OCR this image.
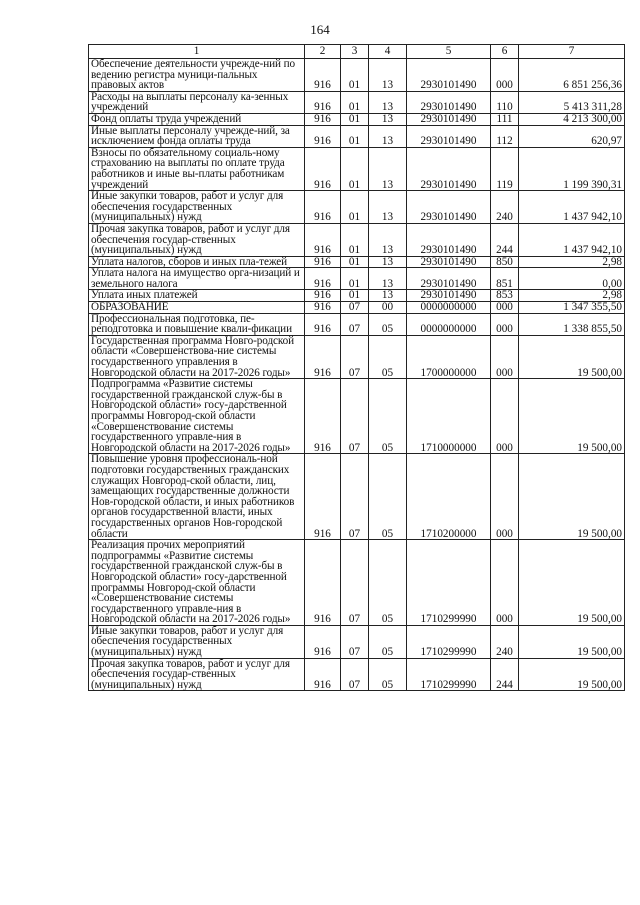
164
1	2	3	4	5	6	7
Обеспечение деятельности учрежде-ний по ведению регистра муници-пальных правовых актов	916	01	13	2930101490	000	6 851 256,36
Расходы на выплаты персоналу ка-зенных учреждений	916	01	13	2930101490	110	5 413 311,28
Фонд оплаты труда учреждений	916	01	13	2930101490	111	4 213 300,00
Иные выплаты персоналу учрежде-ний, за исключением фонда оплаты труда	916	01	13	2930101490	112	620,97
Взносы по обязательному социаль-ному страхованию на выплаты по оплате труда работников и иные вы-платы работникам учреждений	916	01	13	2930101490	119	1 199 390,31
Иные закупки товаров, работ и услуг для обеспечения государственных (муниципальных) нужд	916	01	13	2930101490	240	1 437 942,10
Прочая закупка товаров, работ и услуг для обеспечения государ-ственных (муниципальных) нужд	916	01	13	2930101490	244	1 437 942,10
Уплата налогов, сборов и иных пла-тежей	916	01	13	2930101490	850	2,98
Уплата налога на имущество орга-низаций и земельного налога	916	01	13	2930101490	851	0,00
Уплата иных платежей	916	01	13	2930101490	853	2,98
ОБРАЗОВАНИЕ	916	07	00	0000000000	000	1 347 355,50
Профессиональная подготовка, пе-реподготовка и повышение квали-фикации	916	07	05	0000000000	000	1 338 855,50
Государственная программа Новго-родской области «Совершенствова-ние системы государственного управления в Новгородской области на 2017-2026 годы»	916	07	05	1700000000	000	19 500,00
Подпрограмма «Развитие системы государственной гражданской служ-бы в Новгородской области» госу-дарственной программы Новгород-ской области «Совершенствование системы государственного управле-ния в Новгородской области на 2017-2026 годы»	916	07	05	1710000000	000	19 500,00
Повышение уровня профессиональ-ной подготовки государственных гражданских служащих Новгород-ской области, лиц, замещающих государственные должности Нов-городской области, и иных работников органов государственной власти, иных государственных органов Нов-городской области	916	07	05	1710200000	000	19 500,00
Реализация прочих мероприятий подпрограммы «Развитие системы государственной гражданской служ-бы в Новгородской области» госу-дарственной программы Новгород-ской области «Совершенствование системы государственного управле-ния в Новгородской области на 2017-2026 годы»	916	07	05	1710299990	000	19 500,00
Иные закупки товаров, работ и услуг для обеспечения государственных (муниципальных) нужд	916	07	05	1710299990	240	19 500,00
Прочая закупка товаров, работ и услуг для обеспечения государ-ственных (муниципальных) нужд	916	07	05	1710299990	244	19 500,00
